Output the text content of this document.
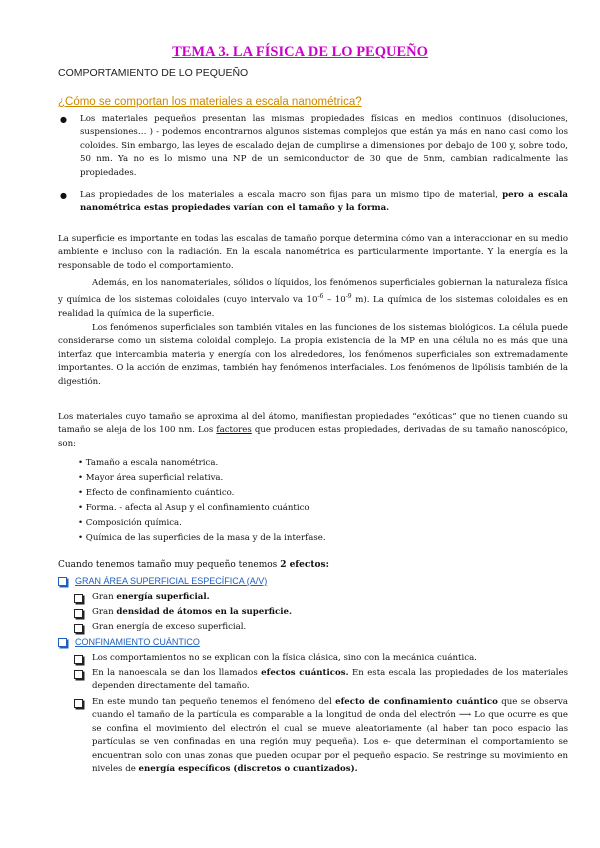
TEMA 3. LA FÍSICA DE LO PEQUEÑO
COMPORTAMIENTO DE LO PEQUEÑO
¿Cómo se comportan los materiales a escala nanométrica?
● Los materiales pequeños presentan las mismas propiedades físicas en medios continuos (disoluciones, suspensiones… ) - podemos encontrarnos algunos sistemas complejos que están ya más en nano casi como los coloides. Sin embargo, las leyes de escalado dejan de cumplirse a dimensiones por debajo de 100 y, sobre todo, 50 nm. Ya no es lo mismo una NP de un semiconductor de 30 que de 5nm, cambian radicalmente las propiedades.
● Las propiedades de los materiales a escala macro son fijas para un mismo tipo de material, pero a escala nanométrica estas propiedades varían con el tamaño y la forma.
La superficie es importante en todas las escalas de tamaño porque determina cómo van a interaccionar en su medio ambiente e incluso con la radiación. En la escala nanométrica es particularmente importante. Y la energía es la responsable de todo el comportamiento.
Además, en los nanomateriales, sólidos o líquidos, los fenómenos superficiales gobiernan la naturaleza física y química de los sistemas coloidales (cuyo intervalo va $10^{-6} - 10^{-9}$ m). La química de los sistemas coloidales es en realidad la química de la superficie.
Los fenómenos superficiales son también vitales en las funciones de los sistemas biológicos. La célula puede considerarse como un sistema coloidal complejo. La propia existencia de la MP en una célula no es más que una interfaz que intercambia materia y energía con los alrededores, los fenómenos superficiales son extremadamente importantes. O la acción de enzimas, también hay fenómenos interfaciales. Los fenómenos de lipólisis también de la digestión.
Los materiales cuyo tamaño se aproxima al del átomo, manifiestan propiedades “exóticas” que no tienen cuando su tamaño se aleja de los 100 nm. Los factores que producen estas propiedades, derivadas de su tamaño nanoscópico, son:
• Tamaño a escala nanométrica.
• Mayor área superficial relativa.
• Efecto de confinamiento cuántico.
• Forma. - afecta al Asup y el confinamiento cuántico
• Composición química.
• Química de las superficies de la masa y de la interfase.
Cuando tenemos tamaño muy pequeño tenemos 2 efectos:
GRAN ÁREA SUPERFICIAL ESPECÍFICA (A/V)
Gran energía superficial.
Gran densidad de átomos en la superficie.
Gran energía de exceso superficial.
CONFINAMIENTO CUÁNTICO
Los comportamientos no se explican con la física clásica, sino con la mecánica cuántica.
En la nanoescala se dan los llamados efectos cuánticos. En esta escala las propiedades de los materiales dependen directamente del tamaño.
En este mundo tan pequeño tenemos el fenómeno del efecto de confinamiento cuántico que se observa cuando el tamaño de la partícula es comparable a la longitud de onda del electrón ⟶ Lo que ocurre es que se confina el movimiento del electrón el cual se mueve aleatoriamente (al haber tan poco espacio las partículas se ven confinadas en una región muy pequeña). Los e- que determinan el comportamiento se encuentran solo con unas zonas que pueden ocupar por el pequeño espacio. Se restringe su movimiento en niveles de energía específicos (discretos o cuantizados).
